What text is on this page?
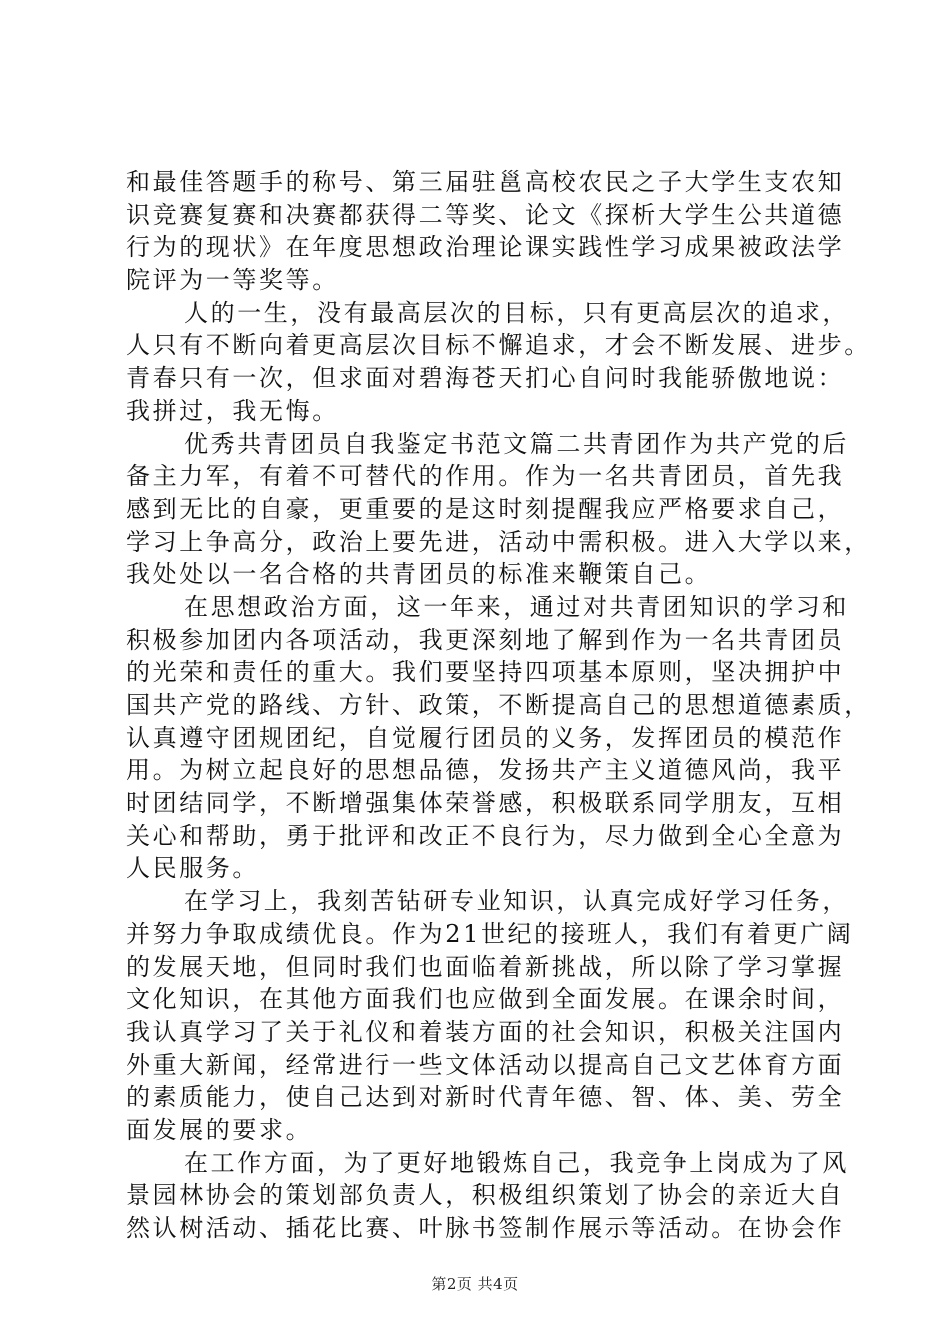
和最佳答题手的称号、第三届驻邕高校农民之子大学生支农知
识竞赛复赛和决赛都获得二等奖、论文《探析大学生公共道德
行为的现状》在年度思想政治理论课实践性学习成果被政法学
院评为一等奖等。
人的一生，没有最高层次的目标，只有更高层次的追求，
人只有不断向着更高层次目标不懈追求，才会不断发展、进步。
青春只有一次，但求面对碧海苍天扪心自问时我能骄傲地说：
我拼过，我无悔。
优秀共青团员自我鉴定书范文篇二共青团作为共产党的后
备主力军，有着不可替代的作用。作为一名共青团员，首先我
感到无比的自豪，更重要的是这时刻提醒我应严格要求自己，
学习上争高分，政治上要先进，活动中需积极。进入大学以来，
我处处以一名合格的共青团员的标准来鞭策自己。
在思想政治方面，这一年来，通过对共青团知识的学习和
积极参加团内各项活动，我更深刻地了解到作为一名共青团员
的光荣和责任的重大。我们要坚持四项基本原则，坚决拥护中
国共产党的路线、方针、政策，不断提高自己的思想道德素质，
认真遵守团规团纪，自觉履行团员的义务，发挥团员的模范作
用。为树立起良好的思想品德，发扬共产主义道德风尚，我平
时团结同学，不断增强集体荣誉感，积极联系同学朋友，互相
关心和帮助，勇于批评和改正不良行为，尽力做到全心全意为
人民服务。
在学习上，我刻苦钻研专业知识，认真完成好学习任务，
并努力争取成绩优良。作为21世纪的接班人，我们有着更广阔
的发展天地，但同时我们也面临着新挑战，所以除了学习掌握
文化知识，在其他方面我们也应做到全面发展。在课余时间，
我认真学习了关于礼仪和着装方面的社会知识，积极关注国内
外重大新闻，经常进行一些文体活动以提高自己文艺体育方面
的素质能力，使自己达到对新时代青年德、智、体、美、劳全
面发展的要求。
在工作方面，为了更好地锻炼自己，我竞争上岗成为了风
景园林协会的策划部负责人，积极组织策划了协会的亲近大自
然认树活动、插花比赛、叶脉书签制作展示等活动。在协会作
第2页 共4页
